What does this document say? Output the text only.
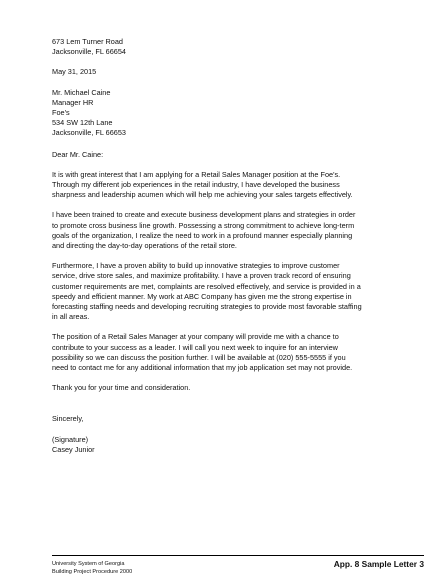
673 Lem Turner Road
Jacksonville, FL 66654
May 31, 2015
Mr. Michael Caine
Manager HR
Foe's
534 SW 12th Lane
Jacksonville, FL 66653
Dear Mr. Caine:
It is with great interest that I am applying for a Retail Sales Manager position at the Foe's.
Through my different job experiences in the retail industry, I have developed the business
sharpness and leadership acumen which will help me achieving your sales targets effectively.
I have been trained to create and execute business development plans and strategies in order
to promote cross business line growth. Possessing a strong commitment to achieve long-term
goals of the organization, I realize the need to work in a profound manner especially planning
and directing the day-to-day operations of the retail store.
Furthermore, I have a proven ability to build up innovative strategies to improve customer
service, drive store sales, and maximize profitability. I have a proven track record of ensuring
customer requirements are met, complaints are resolved effectively, and service is provided in a
speedy and efficient manner. My work at ABC Company has given me the strong expertise in
forecasting staffing needs and developing recruiting strategies to provide most favorable staffing
in all areas.
The position of a Retail Sales Manager at your company will provide me with a chance to
contribute to your success as a leader. I will call you next week to inquire for an interview
possibility so we can discuss the position further. I will be available at (020) 555-5555 if you
need to contact me for any additional information that my job application set may not provide.
Thank you for your time and consideration.
Sincerely,
(Signature)
Casey Junior
University System of Georgia
Building Project Procedure 2000
App. 8 Sample Letter 3
